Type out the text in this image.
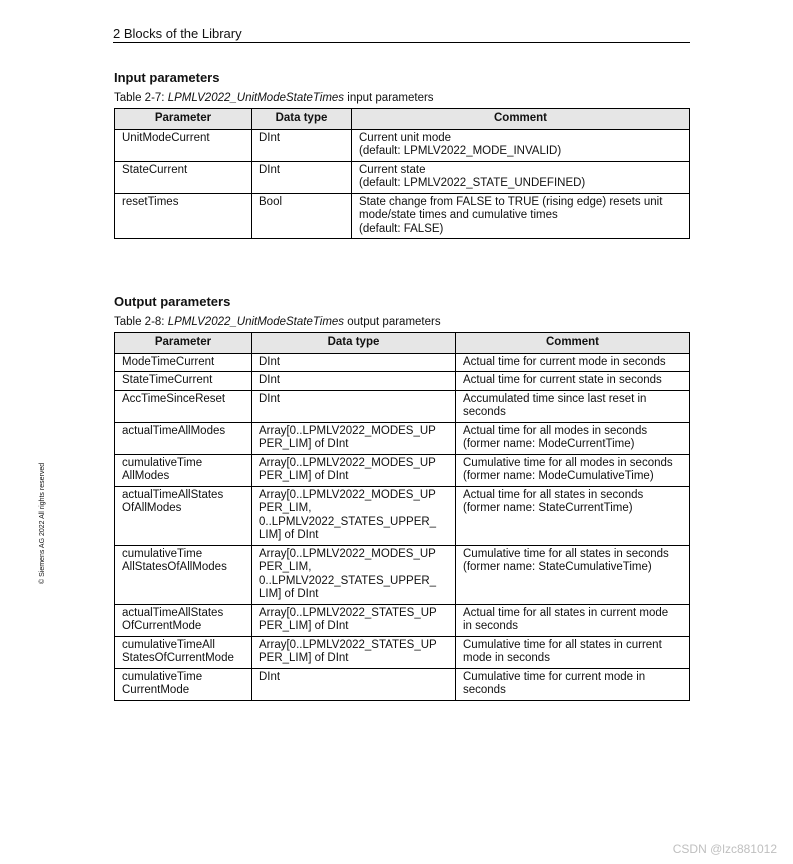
2 Blocks of the Library
Input parameters
Table 2-7: LPMLV2022_UnitModeStateTimes input parameters
Parameter	Data type	Comment

UnitModeCurrent	DInt	Current unit mode
(default: LPMLV2022_MODE_INVALID)

StateCurrent	DInt	Current state
(default: LPMLV2022_STATE_UNDEFINED)

resetTimes	Bool	State change from FALSE to TRUE (rising edge) resets unit
mode/state times and cumulative times
(default: FALSE)
Output parameters
Table 2-8: LPMLV2022_UnitModeStateTimes output parameters
Parameter	Data type	Comment

ModeTimeCurrent	DInt	Actual time for current mode in seconds

StateTimeCurrent	DInt	Actual time for current state in seconds

AccTimeSinceReset	DInt	Accumulated time since last reset in
seconds

actualTimeAllModes	Array[0..LPMLV2022_MODES_UP
PER_LIM] of DInt	Actual time for all modes in seconds
(former name: ModeCurrentTime)

cumulativeTime
AllModes	Array[0..LPMLV2022_MODES_UP
PER_LIM] of DInt	Cumulative time for all modes in seconds
(former name: ModeCumulativeTime)

actualTimeAllStates
OfAllModes	Array[0..LPMLV2022_MODES_UP
PER_LIM,
0..LPMLV2022_STATES_UPPER_
LIM] of DInt	Actual time for all states in seconds
(former name: StateCurrentTime)

cumulativeTime
AllStatesOfAllModes	Array[0..LPMLV2022_MODES_UP
PER_LIM,
0..LPMLV2022_STATES_UPPER_
LIM] of DInt	Cumulative time for all states in seconds
(former name: StateCumulativeTime)

actualTimeAllStates
OfCurrentMode	Array[0..LPMLV2022_STATES_UP
PER_LIM] of DInt	Actual time for all states in current mode
in seconds

cumulativeTimeAll
StatesOfCurrentMode	Array[0..LPMLV2022_STATES_UP
PER_LIM] of DInt	Cumulative time for all states in current
mode in seconds

cumulativeTime
CurrentMode	DInt	Cumulative time for current mode in
seconds
© Siemens AG 2022 All rights reserved
CSDN @lzc881012
